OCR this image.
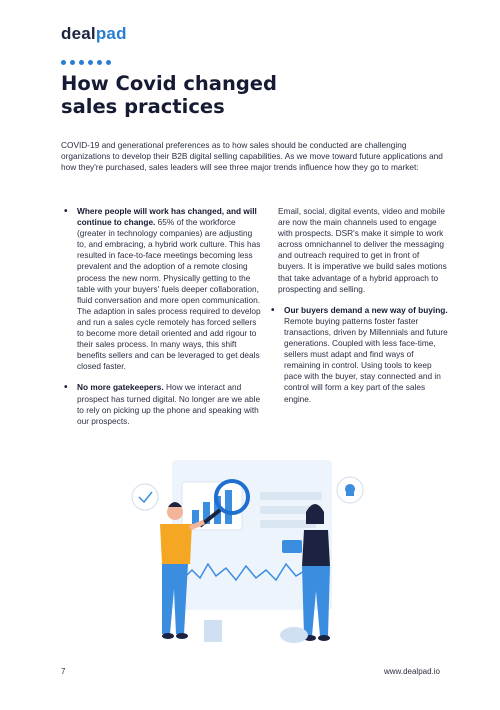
dealpad
How Covid changed sales practices

COVID-19 and generational preferences as to how sales should be conducted are challenging organizations to develop their B2B digital selling capabilities. As we move toward future applications and how they're purchased, sales leaders will see three major trends influence how they go to market:

• Where people will work has changed, and will continue to change. 65% of the workforce (greater in technology companies) are adjusting to, and embracing, a hybrid work culture. This has resulted in face-to-face meetings becoming less prevalent and the adoption of a remote closing process the new norm. Physically getting to the table with your buyers' fuels deeper collaboration, fluid conversation and more open communication. The adaption in sales process required to develop and run a sales cycle remotely has forced sellers to become more detail oriented and add rigour to their sales process. In many ways, this shift benefits sellers and can be leveraged to get deals closed faster.
• No more gatekeepers. How we interact and prospect has turned digital. No longer are we able to rely on picking up the phone and speaking with our prospects.

Email, social, digital events, video and mobile are now the main channels used to engage with prospects. DSR's make it simple to work across omnichannel to deliver the messaging and outreach required to get in front of buyers. It is imperative we build sales motions that take advantage of a hybrid approach to prospecting and selling.

• Our buyers demand a new way of buying. Remote buying patterns foster faster transactions, driven by Millennials and future generations. Coupled with less face-time, sellers must adapt and find ways of remaining in control. Using tools to keep pace with the buyer, stay connected and in control will form a key part of the sales engine.
7	www.dealpad.io
